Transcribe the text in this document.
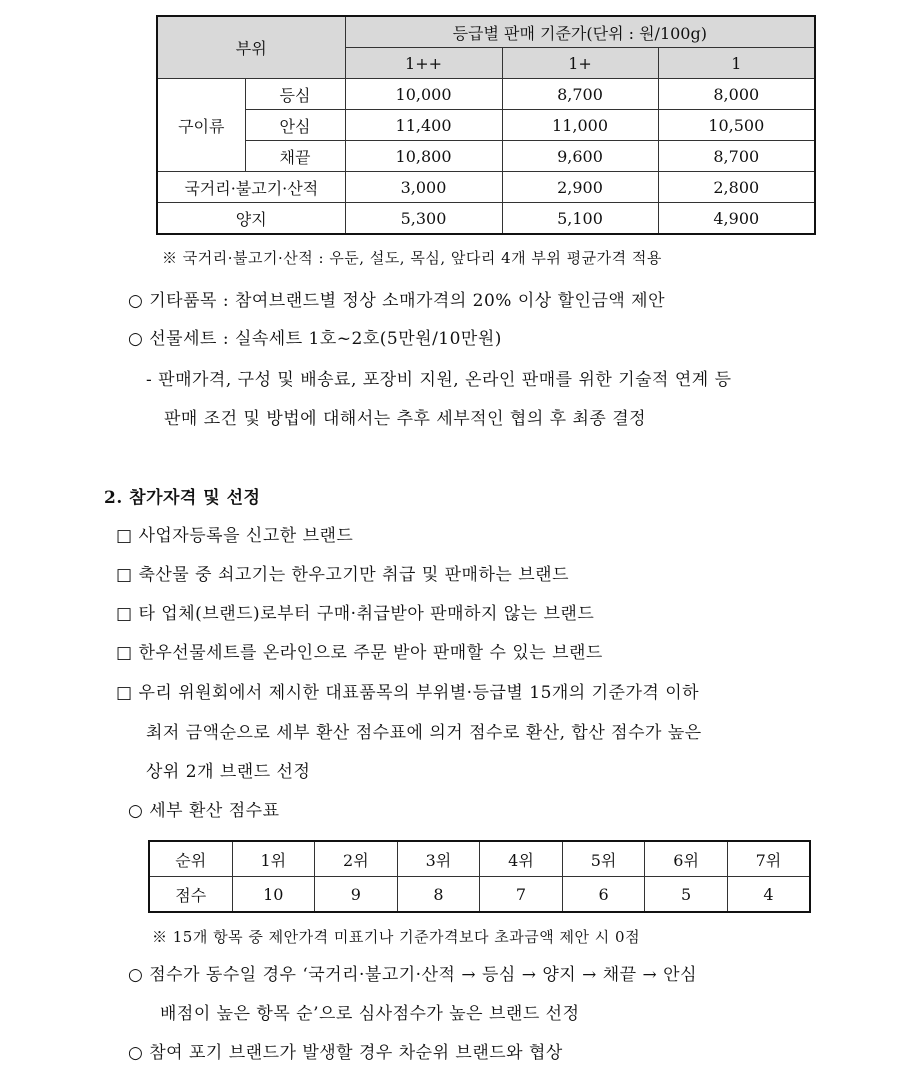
부위		등급별 판매 기준가(단위 : 원/100g)		
		1++	1+	1
구이류	등심	10,000	8,700	8,000
	안심	11,400	11,000	10,500
	채끝	10,800	9,600	8,700
국거리·불고기·산적		3,000	2,900	2,800
양지		5,300	5,100	4,900
※ 국거리·불고기·산적 : 우둔, 설도, 목심, 앞다리 4개 부위 평균가격 적용
○ 기타품목 : 참여브랜드별 정상 소매가격의 20% 이상 할인금액 제안
○ 선물세트 : 실속세트 1호~2호(5만원/10만원)
- 판매가격, 구성 및 배송료, 포장비 지원, 온라인 판매를 위한 기술적 연계 등
판매 조건 및 방법에 대해서는 추후 세부적인 협의 후 최종 결정
2. 참가자격 및 선정
□ 사업자등록을 신고한 브랜드
□ 축산물 중 쇠고기는 한우고기만 취급 및 판매하는 브랜드
□ 타 업체(브랜드)로부터 구매·취급받아 판매하지 않는 브랜드
□ 한우선물세트를 온라인으로 주문 받아 판매할 수 있는 브랜드
□ 우리 위원회에서 제시한 대표품목의 부위별·등급별 15개의 기준가격 이하
최저 금액순으로 세부 환산 점수표에 의거 점수로 환산, 합산 점수가 높은
상위 2개 브랜드 선정
○ 세부 환산 점수표
순위	1위	2위	3위	4위	5위	6위	7위
점수	10	9	8	7	6	5	4
※ 15개 항목 중 제안가격 미표기나 기준가격보다 초과금액 제안 시 0점
○ 점수가 동수일 경우 ‘국거리·불고기·산적 → 등심 → 양지 → 채끝 → 안심
배점이 높은 항목 순’으로 심사점수가 높은 브랜드 선정
○ 참여 포기 브랜드가 발생할 경우 차순위 브랜드와 협상
